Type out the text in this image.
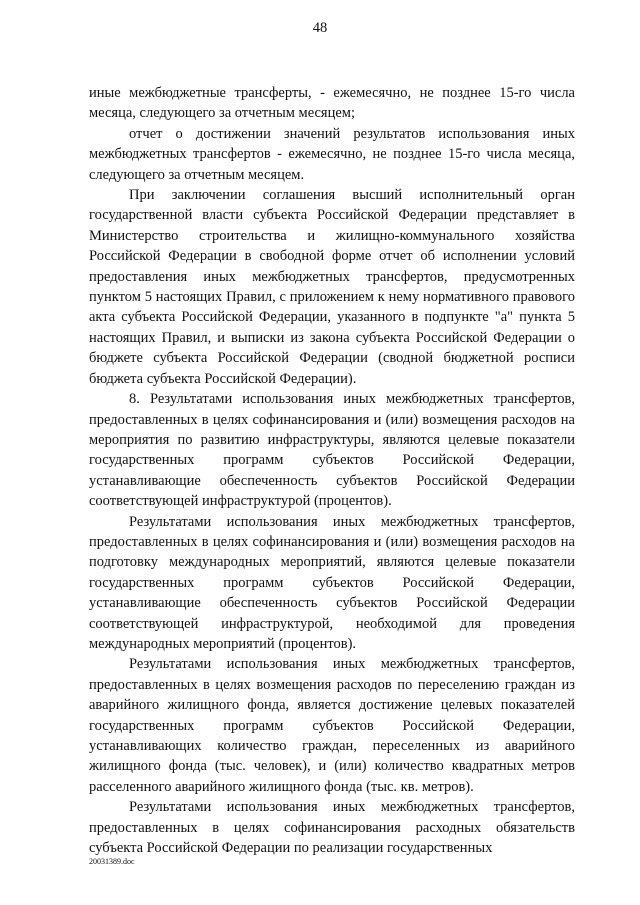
48

иные межбюджетные трансферты, - ежемесячно, не позднее 15-го числа месяца, следующего за отчетным месяцем;

отчет о достижении значений результатов использования иных межбюджетных трансфертов - ежемесячно, не позднее 15-го числа месяца, следующего за отчетным месяцем.

При заключении соглашения высший исполнительный орган государственной власти субъекта Российской Федерации представляет в Министерство строительства и жилищно-коммунального хозяйства Российской Федерации в свободной форме отчет об исполнении условий предоставления иных межбюджетных трансфертов, предусмотренных пунктом 5 настоящих Правил, с приложением к нему нормативного правового акта субъекта Российской Федерации, указанного в подпункте "а" пункта 5 настоящих Правил, и выписки из закона субъекта Российской Федерации о бюджете субъекта Российской Федерации (сводной бюджетной росписи бюджета субъекта Российской Федерации).

8. Результатами использования иных межбюджетных трансфертов, предоставленных в целях софинансирования и (или) возмещения расходов на мероприятия по развитию инфраструктуры, являются целевые показатели государственных программ субъектов Российской Федерации, устанавливающие обеспеченность субъектов Российской Федерации соответствующей инфраструктурой (процентов).

Результатами использования иных межбюджетных трансфертов, предоставленных в целях софинансирования и (или) возмещения расходов на подготовку международных мероприятий, являются целевые показатели государственных программ субъектов Российской Федерации, устанавливающие обеспеченность субъектов Российской Федерации соответствующей инфраструктурой, необходимой для проведения международных мероприятий (процентов).

Результатами использования иных межбюджетных трансфертов, предоставленных в целях возмещения расходов по переселению граждан из аварийного жилищного фонда, является достижение целевых показателей государственных программ субъектов Российской Федерации, устанавливающих количество граждан, переселенных из аварийного жилищного фонда (тыс. человек), и (или) количество квадратных метров расселенного аварийного жилищного фонда (тыс. кв. метров).

Результатами использования иных межбюджетных трансфертов, предоставленных в целях софинансирования расходных обязательств субъекта Российской Федерации по реализации государственных

20031389.doc
